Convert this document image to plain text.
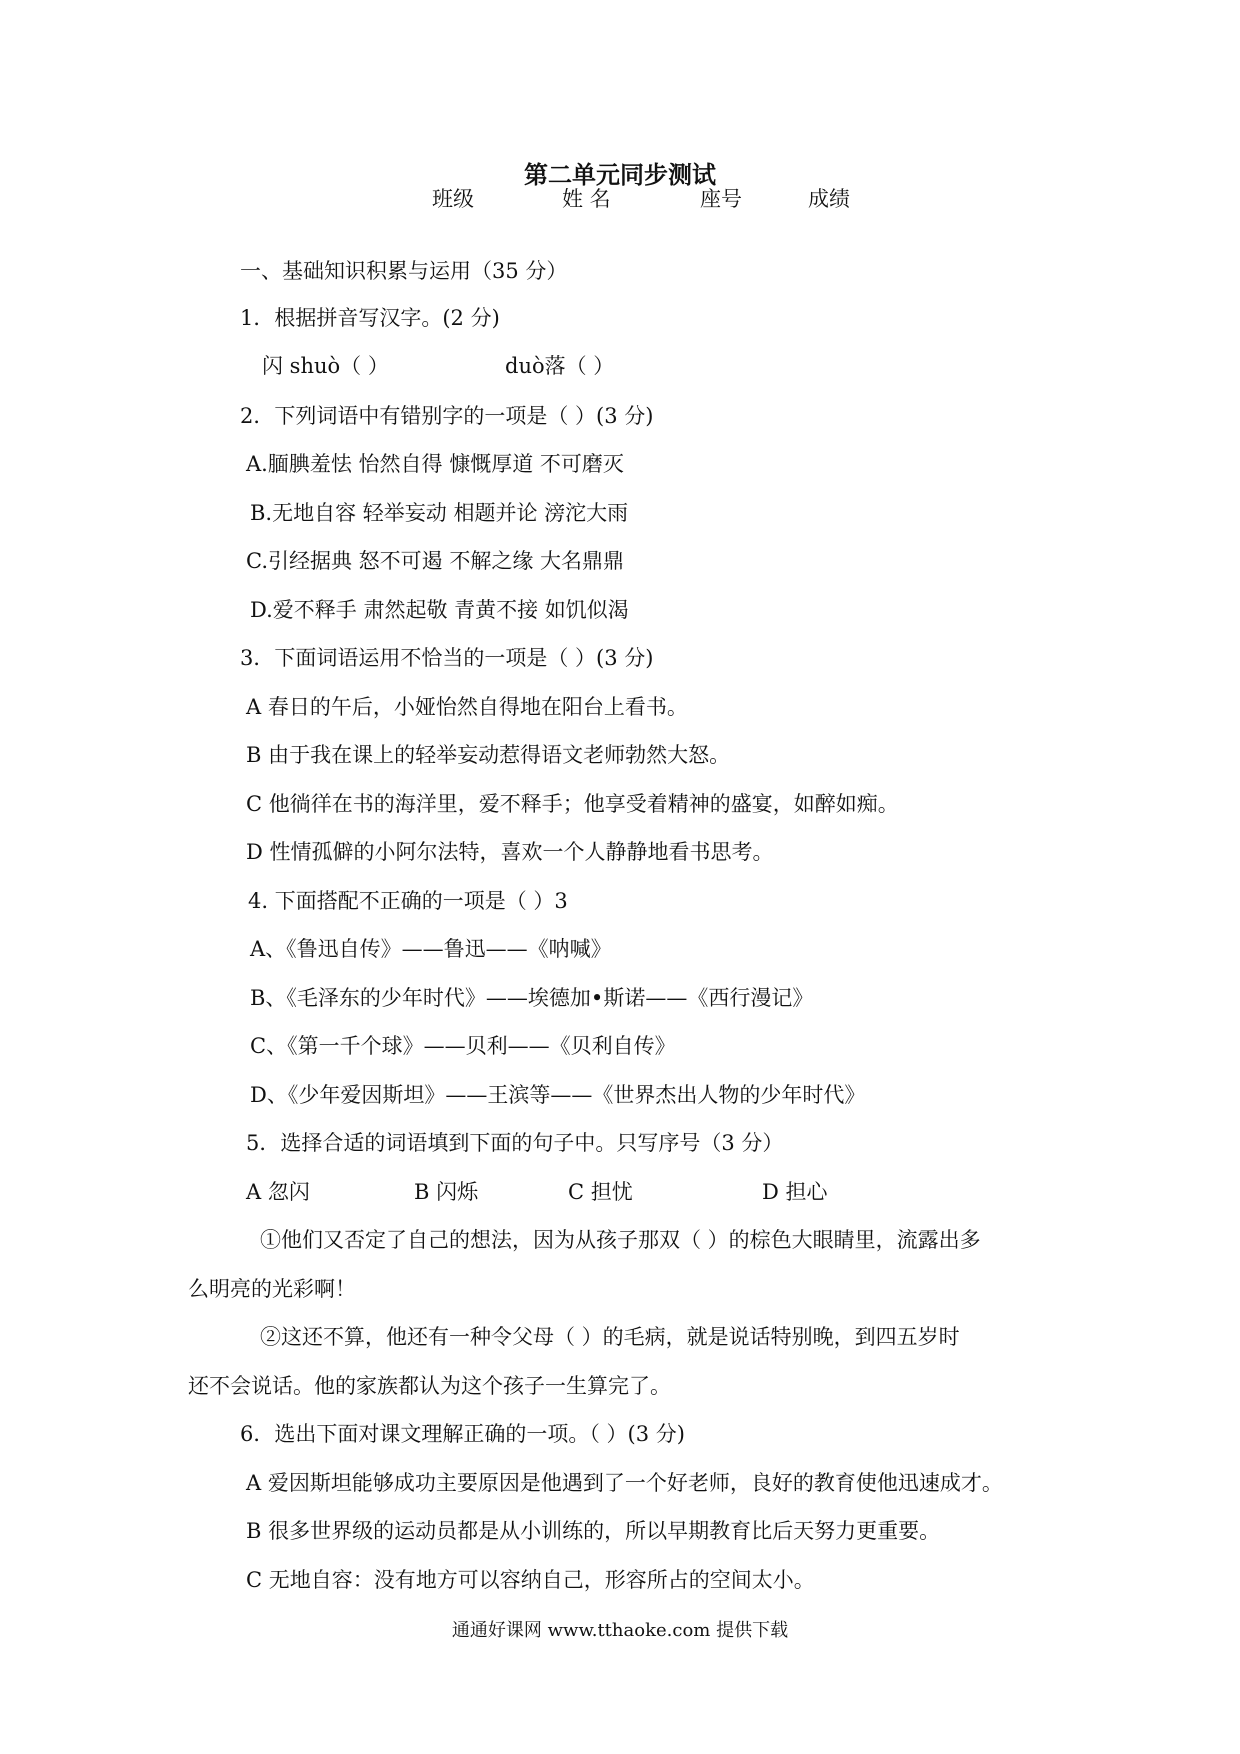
第二单元同步测试
班级	姓 名	座号	成绩
一、基础知识积累与运用（35 分）
1．根据拼音写汉字。(2 分)
闪 shuò（ ）	duò落（ ）
2．下列词语中有错别字的一项是（ ）(3 分)
A.腼腆羞怯 怡然自得 慷慨厚道 不可磨灭
B.无地自容 轻举妄动 相题并论 滂沱大雨
C.引经据典 怒不可遏 不解之缘 大名鼎鼎
D.爱不释手 肃然起敬 青黄不接 如饥似渴
3．下面词语运用不恰当的一项是（ ）(3 分)
A 春日的午后，小娅怡然自得地在阳台上看书。
B 由于我在课上的轻举妄动惹得语文老师勃然大怒。
C 他徜徉在书的海洋里，爱不释手；他享受着精神的盛宴，如醉如痴。
D 性情孤僻的小阿尔法特，喜欢一个人静静地看书思考。
4. 下面搭配不正确的一项是（ ）3
A、《鲁迅自传》——鲁迅——《呐喊》
B、《毛泽东的少年时代》——埃德加•斯诺——《西行漫记》
C、《第一千个球》——贝利——《贝利自传》
D、《少年爱因斯坦》——王滨等——《世界杰出人物的少年时代》
5．选择合适的词语填到下面的句子中。只写序号（3 分）
A 忽闪	B 闪烁	C 担忧	D 担心
①他们又否定了自己的想法，因为从孩子那双（ ）的棕色大眼睛里，流露出多
么明亮的光彩啊！
②这还不算，他还有一种令父母（ ）的毛病，就是说话特别晚，到四五岁时
还不会说话。他的家族都认为这个孩子一生算完了。
6．选出下面对课文理解正确的一项。（ ）(3 分)
A 爱因斯坦能够成功主要原因是他遇到了一个好老师，良好的教育使他迅速成才。
B 很多世界级的运动员都是从小训练的，所以早期教育比后天努力更重要。
C 无地自容：没有地方可以容纳自己，形容所占的空间太小。
通通好课网 www.tthaoke.com 提供下载
